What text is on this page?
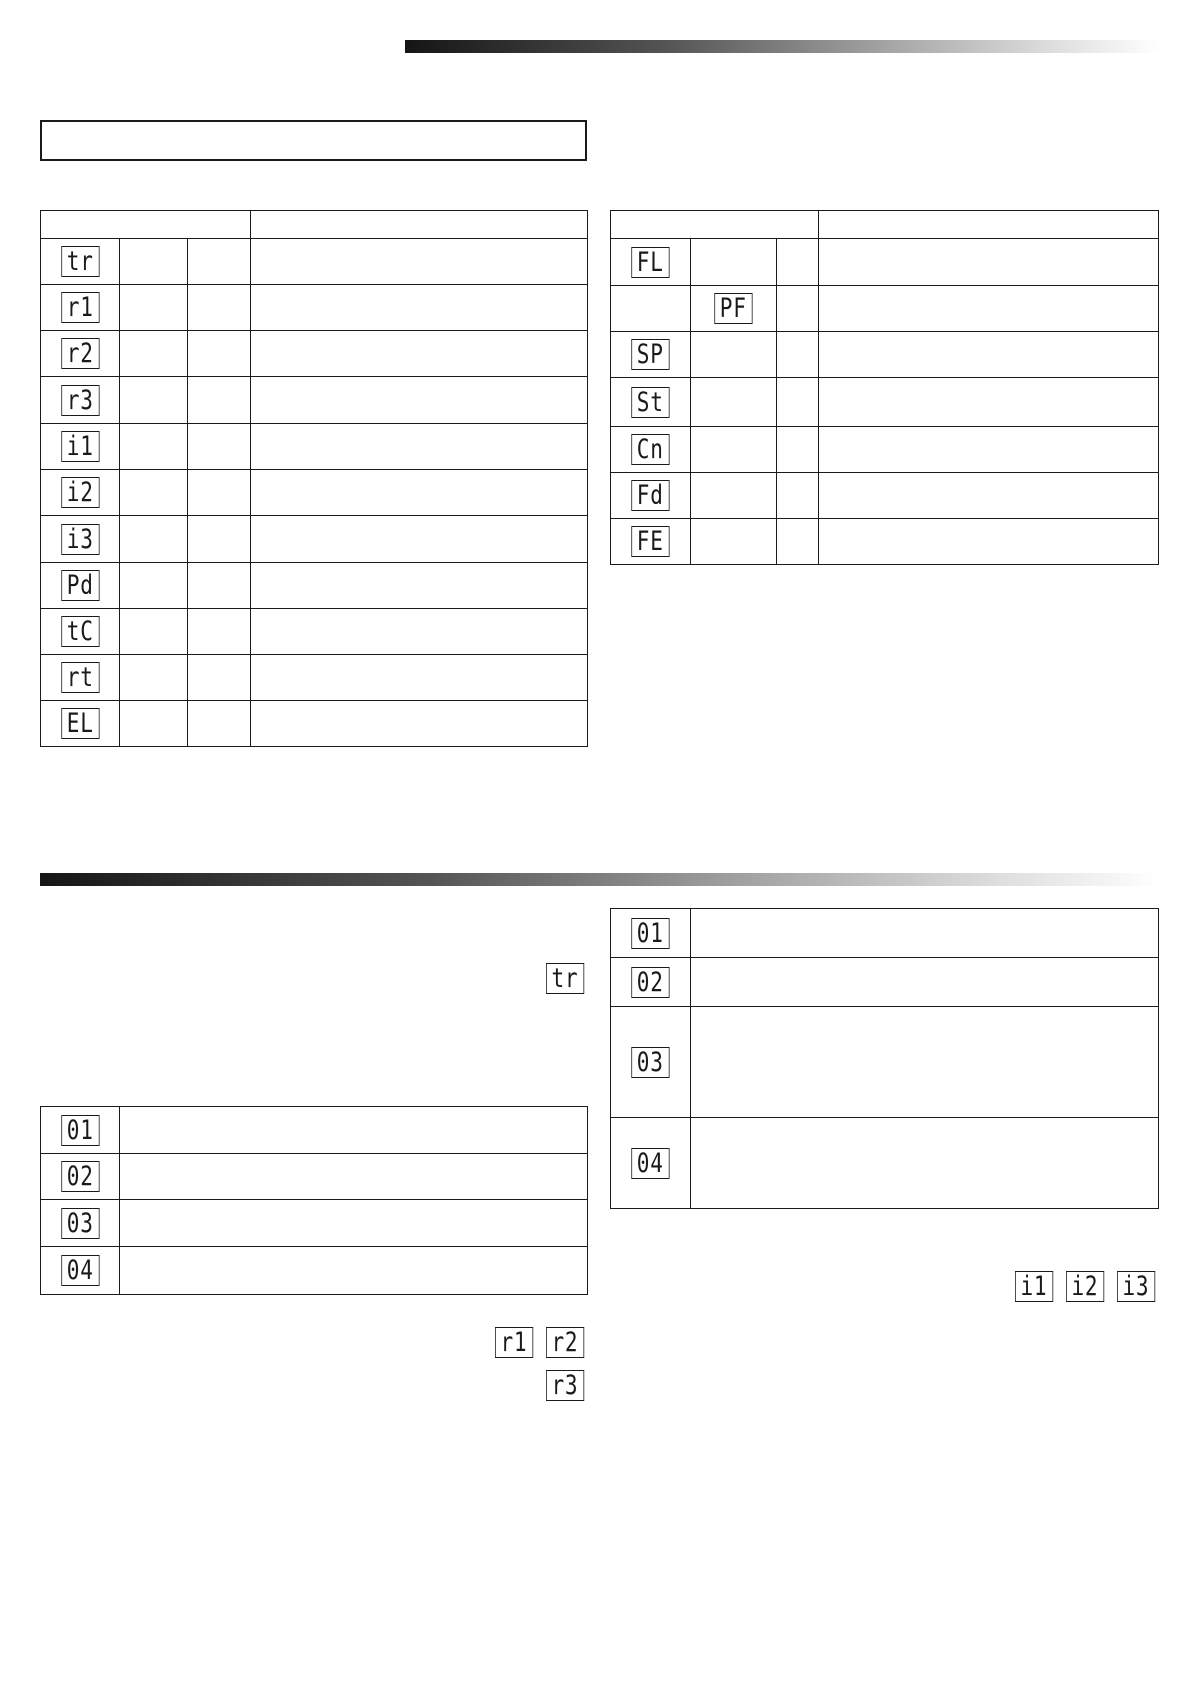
tr			
r1			
r2			
r3			
i1			
i2			
i3			
Pd			
tC			
rt			
EL			

FL			
	PF		
SP			
St			
Cn			
Fd			
FE			
tr
01	
02	
03	
04	
r1 r2
r3
01	
02	
03	
04	
i1 i2 i3
